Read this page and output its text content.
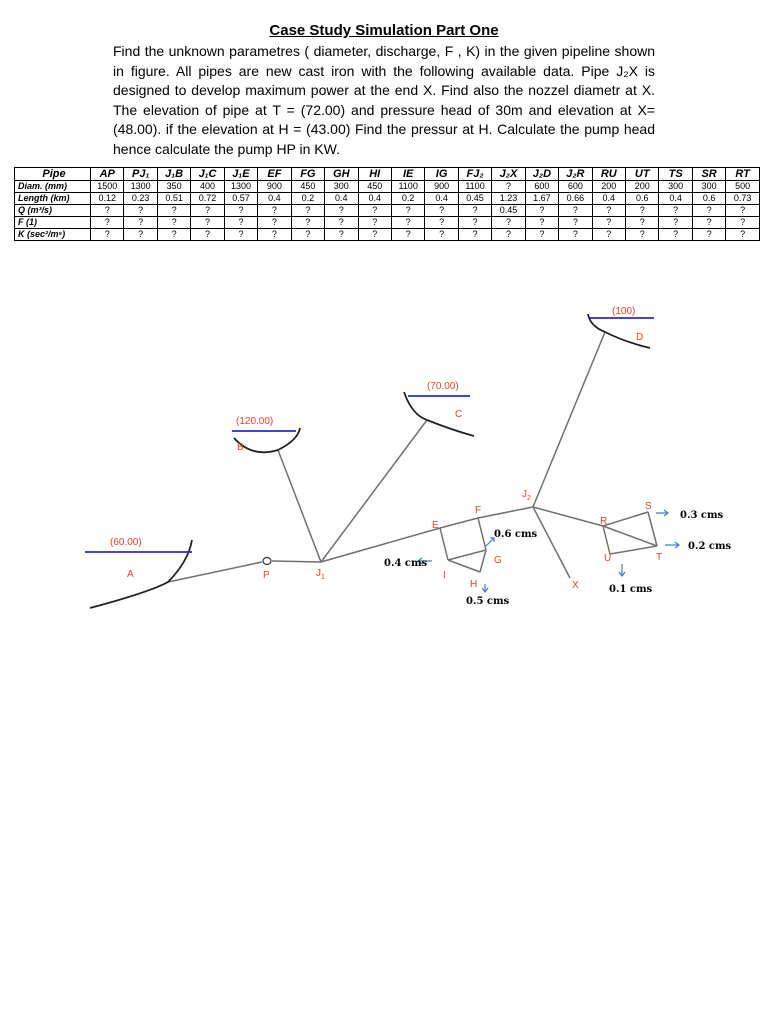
Case Study Simulation Part One
Find the unknown parametres ( diameter, discharge, F , K) in the given pipeline shown in figure. All pipes are new cast iron with the following available data. Pipe J₂X is designed to develop maximum power at the end X. Find also the nozzel diametr at X. The elevation of pipe at T = (72.00) and pressure head of 30m and elevation at X= (48.00). if the elevation at H = (43.00) Find the pressur at H. Calculate the pump head hence calculate the pump HP in KW.
Pipe	AP	PJ₁	J₁B	J₁C	J₁E	EF	FG	GH	HI	IE	IG	FJ₂	J₂X	J₂D	J₂R	RU	UT	TS	SR	RT
Diam. (mm)	1500	1300	350	400	1300	900	450	300	450	1100	900	1100	?	600	600	200	200	300	300	500
Length (km)	0.12	0.23	0.51	0.72	0.57	0.4	0.2	0.4	0.4	0.2	0.4	0.45	1.23	1.67	0.66	0.4	0.6	0.4	0.6	0.73
Q (m³/s)	?	?	?	?	?	?	?	?	?	?	?	?	0.45	?	?	?	?	?	?	?
F (1)	?	?	?	?	?	?	?	?	?	?	?	?	?	?	?	?	?	?	?	?
K (sec²/m⁵)	?	?	?	?	?	?	?	?	?	?	?	?	?	?	?	?	?	?	?	?
(60.00)
A
(120.00)
B
(70.00)
C
(100)
D
P	$J_1$
$J_2$
E
F
G
H
I
X
R
S
T
U
0.6 cms
0.4 cms
0.5 cms
0.3 cms
0.2 cms
0.1 cms
